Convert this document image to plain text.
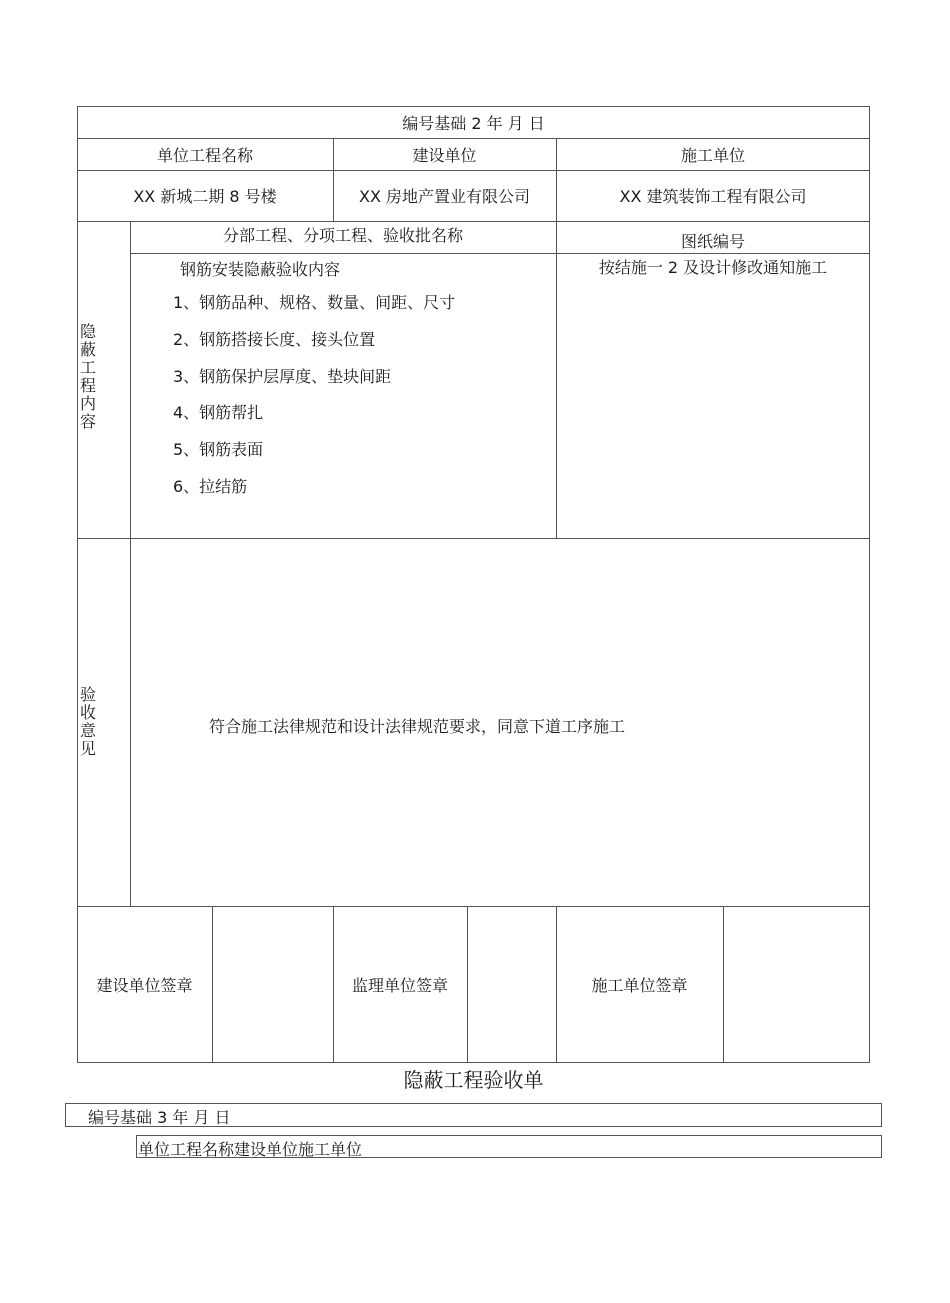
编号基础 2 年 月 日
单位工程名称	建设单位	施工单位
XX 新城二期 8 号楼	XX 房地产置业有限公司	XX 建筑装饰工程有限公司
隐蔽工程内容
分部工程、分项工程、验收批名称	图纸编号
钢筋安装隐蔽验收内容
1、钢筋品种、规格、数量、间距、尺寸
2、钢筋搭接长度、接头位置
3、钢筋保护层厚度、垫块间距
4、钢筋帮扎
5、钢筋表面
6、拉结筋
按结施一 2 及设计修改通知施工
验收意见
符合施工法律规范和设计法律规范要求，同意下道工序施工
建设单位签章	监理单位签章	施工单位签章
隐蔽工程验收单
编号基础 3 年 月 日
单位工程名称建设单位施工单位
